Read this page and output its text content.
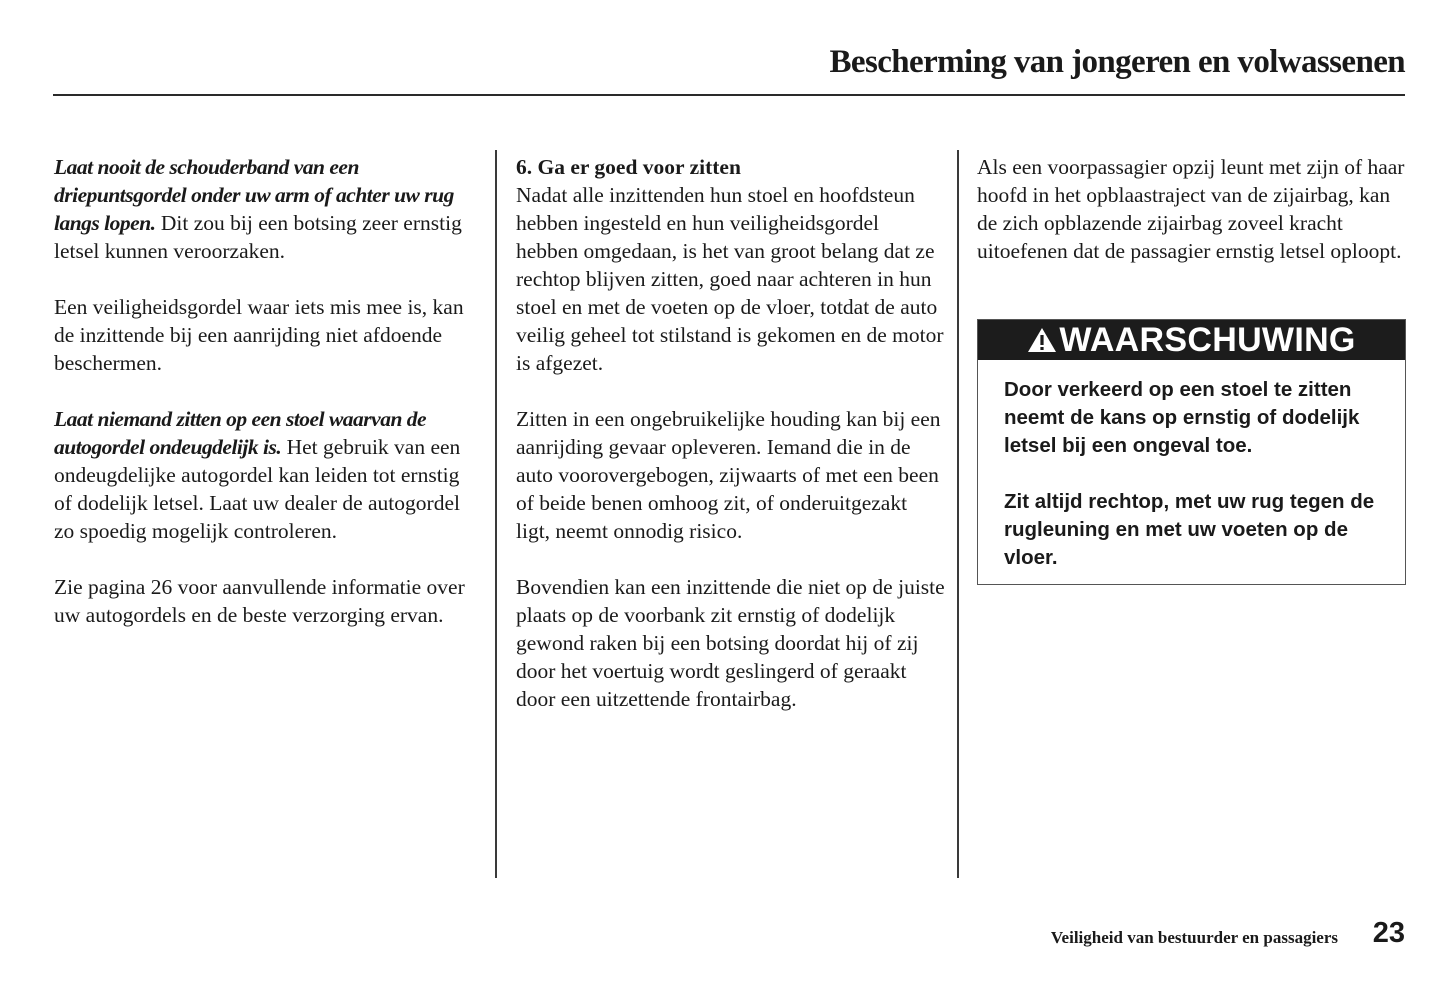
Bescherming van jongeren en volwassenen

Laat nooit de schouderband van een driepuntsgordel onder uw arm of achter uw rug langs lopen. Dit zou bij een botsing zeer ernstig letsel kunnen veroorzaken.

Een veiligheidsgordel waar iets mis mee is, kan de inzittende bij een aanrijding niet afdoende beschermen.

Laat niemand zitten op een stoel waarvan de autogordel ondeugdelijk is. Het gebruik van een ondeugdelijke autogordel kan leiden tot ernstig of dodelijk letsel. Laat uw dealer de autogordel zo spoedig mogelijk controleren.

Zie pagina 26 voor aanvullende informatie over uw autogordels en de beste verzorging ervan.

6. Ga er goed voor zitten
Nadat alle inzittenden hun stoel en hoofdsteun hebben ingesteld en hun veiligheidsgordel hebben omgedaan, is het van groot belang dat ze rechtop blijven zitten, goed naar achteren in hun stoel en met de voeten op de vloer, totdat de auto veilig geheel tot stilstand is gekomen en de motor is afgezet.

Zitten in een ongebruikelijke houding kan bij een aanrijding gevaar opleveren. Iemand die in de auto voorovergebogen, zijwaarts of met een been of beide benen omhoog zit, of onderuitgezakt ligt, neemt onnodig risico.

Bovendien kan een inzittende die niet op de juiste plaats op de voorbank zit ernstig of dodelijk gewond raken bij een botsing doordat hij of zij door het voertuig wordt geslingerd of geraakt door een uitzettende frontairbag.

Als een voorpassagier opzij leunt met zijn of haar hoofd in het opblaastraject van de zijairbag, kan de zich opblazende zijairbag zoveel kracht uitoefenen dat de passagier ernstig letsel oploopt.

WAARSCHUWING

Door verkeerd op een stoel te zitten neemt de kans op ernstig of dodelijk letsel bij een ongeval toe.

Zit altijd rechtop, met uw rug tegen de rugleuning en met uw voeten op de vloer.

Veiligheid van bestuurder en passagiers 23
